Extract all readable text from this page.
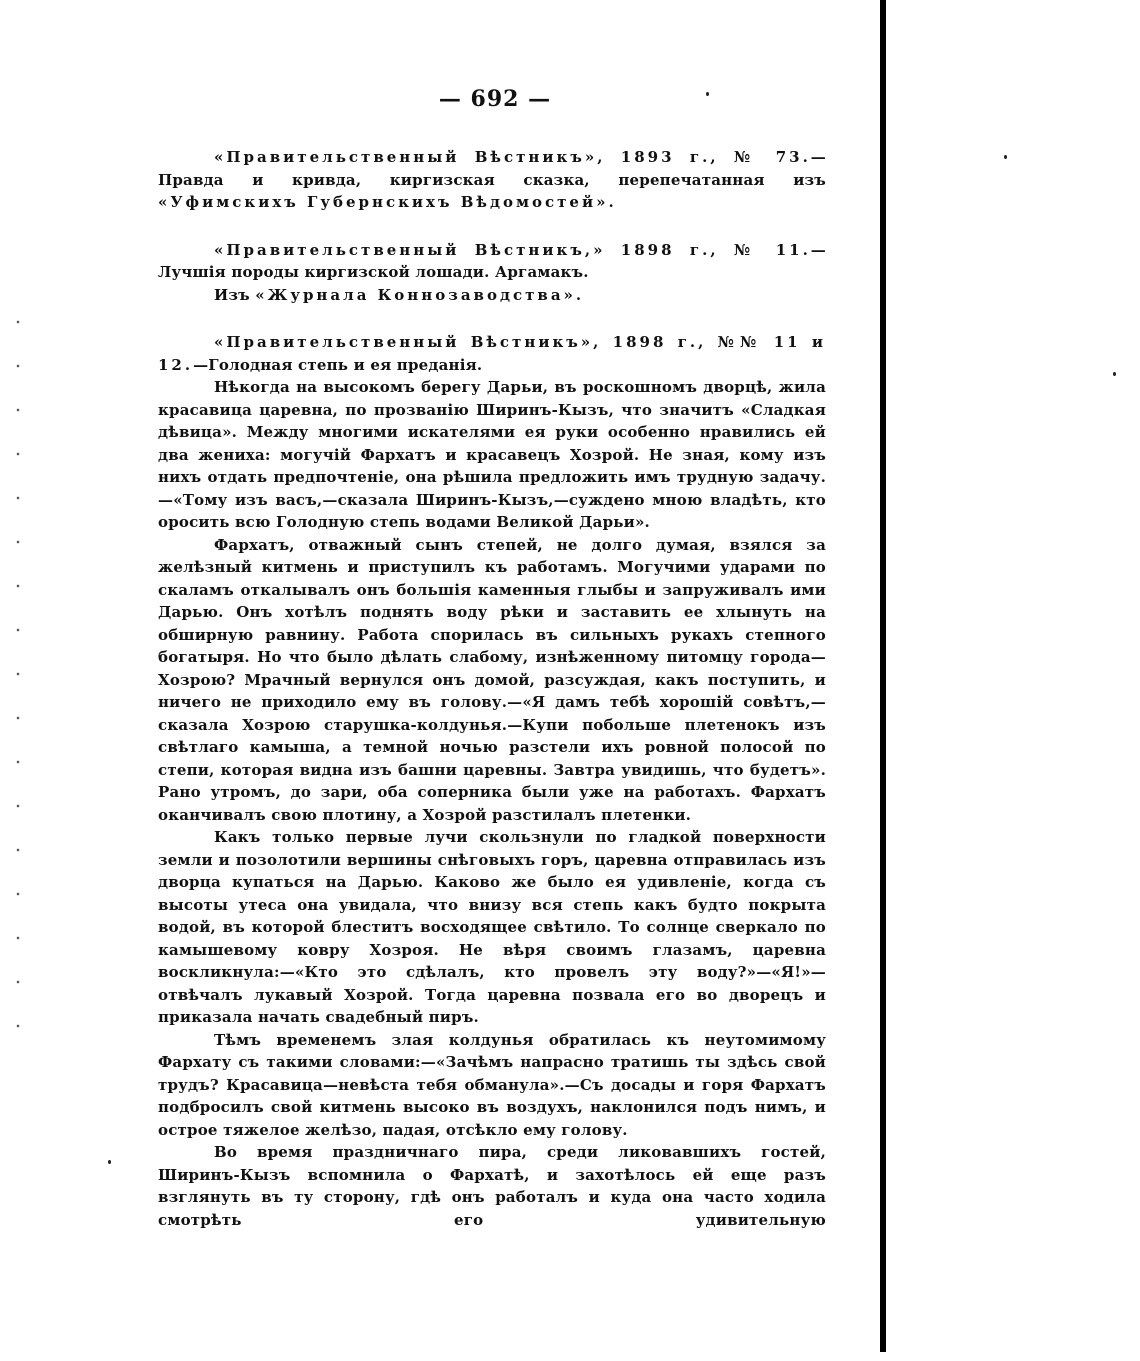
— 692 —

«Правительственный Вѣстникъ», 1893 г., № 73.—Правда и кривда, киргизская сказка, перепечатанная изъ «Уфимскихъ Губернскихъ Вѣдомостей».

«Правительственный Вѣстникъ,» 1898 г., № 11.—Лучшія породы киргизской лошади. Аргамакъ.

Изъ «Журнала Коннозаводства».

«Правительственный Вѣстникъ», 1898 г., №№ 11 и 12.—Голодная степь и ея преданія.

Нѣкогда на высокомъ берегу Дарьи, въ роскошномъ дворцѣ, жила красавица царевна, по прозванію Ширинъ-Кызъ, что значитъ «Сладкая дѣвица». Между многими искателями ея руки особенно нравились ей два жениха: могучій Фархатъ и красавецъ Хозрой. Не зная, кому изъ нихъ отдать предпочтеніе, она рѣшила предложить имъ трудную задачу.—«Тому изъ васъ,—сказала Ширинъ-Кызъ,—суждено мною владѣть, кто оросить всю Голодную степь водами Великой Дарьи».

Фархатъ, отважный сынъ степей, не долго думая, взялся за желѣзный китмень и приступилъ къ работамъ. Могучими ударами по скаламъ откалывалъ онъ большія каменныя глыбы и запруживалъ ими Дарью. Онъ хотѣлъ поднять воду рѣки и заставить ее хлынуть на обширную равнину. Работа спорилась въ сильныхъ рукахъ степного богатыря. Но что было дѣлать слабому, изнѣженному питомцу города—Хозрою? Мрачный вернулся онъ домой, разсуждая, какъ поступить, и ничего не приходило ему въ голову.—«Я дамъ тебѣ хорошій совѣтъ,—сказала Хозрою старушка-колдунья.—Купи побольше плетенокъ изъ свѣтлаго камыша, а темной ночью разстели ихъ ровной полосой по степи, которая видна изъ башни царевны. Завтра увидишь, что будетъ». Рано утромъ, до зари, оба соперника были уже на работахъ. Фархатъ оканчивалъ свою плотину, а Хозрой разстилалъ плетенки.

Какъ только первые лучи скользнули по гладкой поверхности земли и позолотили вершины снѣговыхъ горъ, царевна отправилась изъ дворца купаться на Дарью. Каково же было ея удивленіе, когда съ высоты утеса она увидала, что внизу вся степь какъ будто покрыта водой, въ которой блеститъ восходящее свѣтило. То солнце сверкало по камышевому ковру Хозроя. Не вѣря своимъ глазамъ, царевна воскликнула:—«Кто это сдѣлалъ, кто провелъ эту воду?»—«Я!»—отвѣчалъ лукавый Хозрой. Тогда царевна позвала его во дворецъ и приказала начать свадебный пиръ.

Тѣмъ временемъ злая колдунья обратилась къ неутомимому Фархату съ такими словами:—«Зачѣмъ напрасно тратишь ты здѣсь свой трудъ? Красавица—невѣста тебя обманула».—Съ досады и горя Фархатъ подбросилъ свой китмень высоко въ воздухъ, наклонился подъ нимъ, и острое тяжелое желѣзо, падая, отсѣкло ему голову.

Во время праздничнаго пира, среди ликовавшихъ гостей, Ширинъ-Кызъ вспомнила о Фархатѣ, и захотѣлось ей еще разъ взглянуть въ ту сторону, гдѣ онъ работалъ и куда она часто ходила смотрѣть его удивительную
